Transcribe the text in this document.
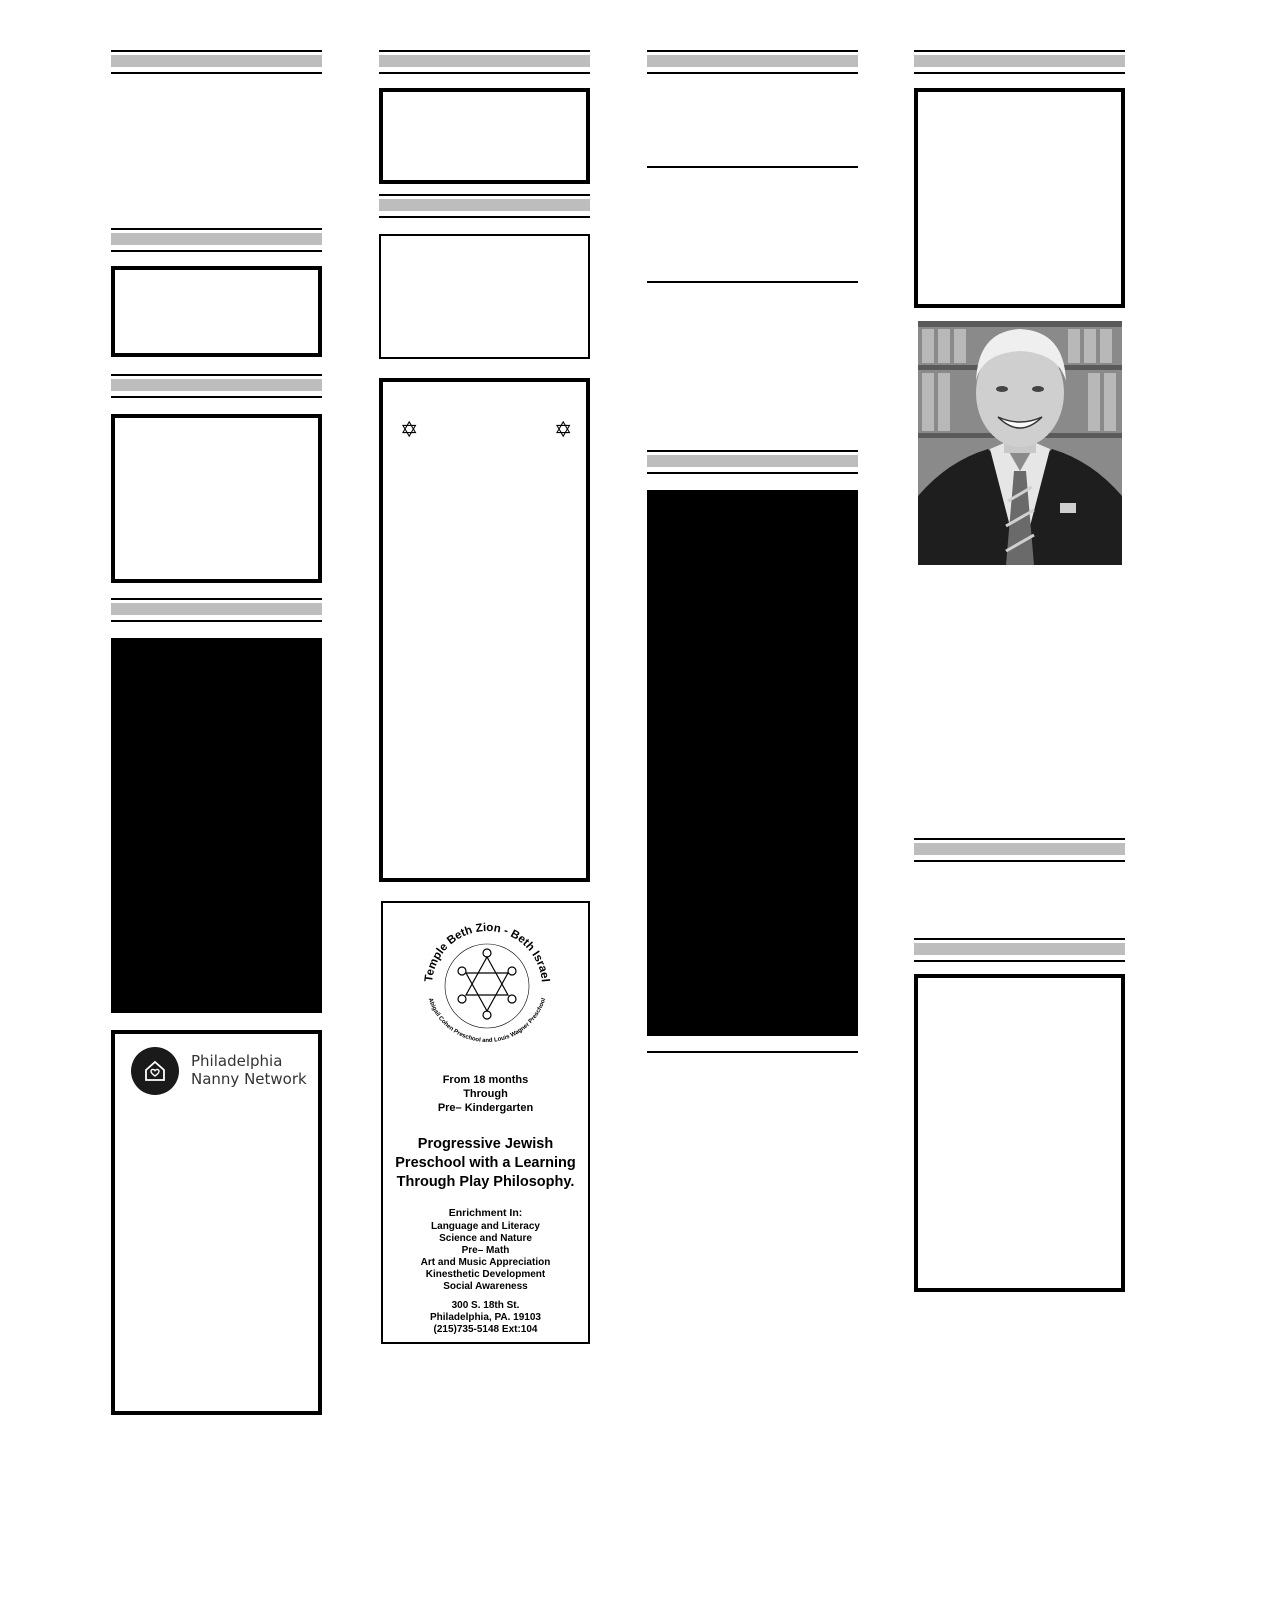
Philadelphia
Nanny Network
✡	✡
Temple Beth Zion - Beth Israel
Abigail Cohen Preschool and Louis Wagner Preschool
From 18 months
Through
Pre– Kindergarten
Progressive Jewish
Preschool with a Learning
Through Play Philosophy.
Enrichment In:
Language and Literacy
Science and Nature
Pre– Math
Art and Music Appreciation
Kinesthetic Development
Social Awareness
300 S. 18th St.
Philadelphia, PA. 19103
(215)735-5148 Ext:104
